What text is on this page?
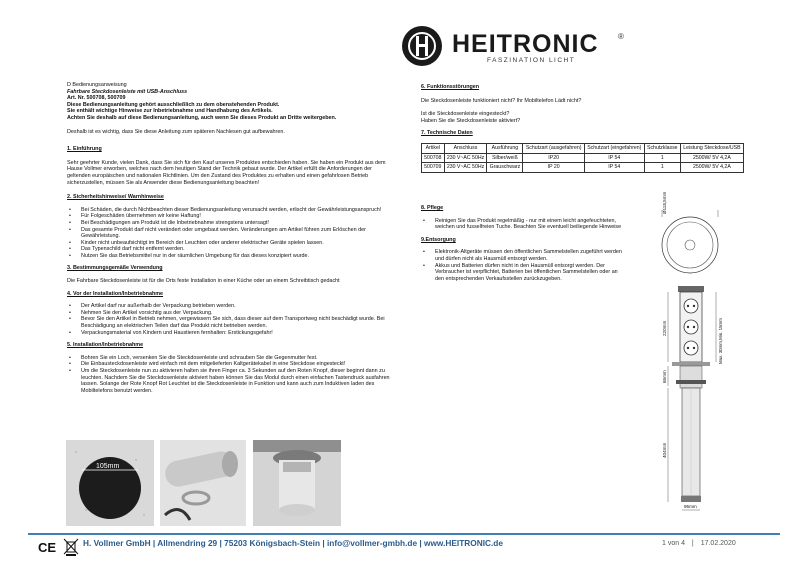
HEITRONIC ®
FASZINATION LICHT
D Bedienungsanweisung
Fahrbare Steckdosenleiste mit USB-Anschluss
Art. Nr. 500708, 500709
Diese Bedienungsanleitung gehört ausschließlich zu dem obenstehenden Produkt.
Sie enthält wichtige Hinweise zur Inbetriebnahme und Handhabung des Artikels.
Achten Sie deshalb auf diese Bedienungsanleitung, auch wenn Sie dieses Produkt an Dritte weitergeben.
Deshalb ist es wichtig, dass Sie diese Anleitung zum späteren Nachlesen gut aufbewahren.
1. Einführung
Sehr geehrter Kunde, vielen Dank, dass Sie sich für den Kauf unseres Produktes entschieden haben. Sie haben ein Produkt aus dem Hause Vollmer erworben, welches nach dem heutigen Stand der Technik gebaut wurde. Der Artikel erfüllt die Anforderungen der geltenden europäischen und nationalen Richtlinien. Um den Zustand des Produktes zu erhalten und einen gefahrlosen Betrieb sicherzustellen, müssen Sie als Anwender diese Bedienungsanleitung beachten!
2. Sicherheitshinweise/ Warnhinweise
• Bei Schäden, die durch Nichtbeachten dieser Bedienungsanleitung verursacht werden, erlischt der Gewährleistungsanspruch!
• Für Folgeschäden übernehmen wir keine Haftung!
• Bei Beschädigungen am Produkt ist die Inbetriebnahme strengstens untersagt!
• Das gesamte Produkt darf nicht verändert oder umgebaut werden. Veränderungen am Artikel führen zum Erlöschen der Gewährleistung.
• Kinder nicht unbeaufsichtigt im Bereich der Leuchten oder anderer elektrischer Geräte spielen lassen.
• Das Typenschild darf nicht entfernt werden.
• Nutzen Sie das Betriebsmittel nur in der räumlichen Umgebung für das dieses konzipiert wurde.
3. Bestimmungsgemäße Verwendung
Die Fahrbare Steckdosenleiste ist für die Orts feste Installation in einer Küche oder an einem Schreibtisch gedacht
4. Vor der Installation/Inbetriebnahme
• Der Artikel darf nur außerhalb der Verpackung betrieben werden.
• Nehmen Sie den Artikel vorsichtig aus der Verpackung.
• Bevor Sie den Artikel in Betrieb nehmen, vergewissern Sie sich, dass dieser auf dem Transportweg nicht beschädigt wurde. Bei Beschädigung an elektrischen Teilen darf das Produkt nicht betrieben werden.
• Verpackungsmaterial von Kindern und Haustieren fernhalten: Erstickungsgefahr!
5. Installation/Inbetriebnahme
• Bohren Sie ein Loch, versenken Sie die Steckdosenleiste und schrauben Sie die Gegenmutter fest.
• Die Einbausteckdosenleiste wird einfach mit dem mitgelieferten Kaltgerätekabel in eine Steckdose eingesteckt!
• Um die Steckdosenleiste nun zu aktivieren halten sie ihren Finger ca. 3 Sekunden auf den Roten Knopf, dieser beginnt dann zu leuchten. Nachdem Sie die Steckdosenleiste aktiviert haben können Sie das Modul durch einen einfachen Tastendruck ausfahren lassen. Solange der Rote Knopf Rot Leuchtet ist die Steckdosenleiste in Funktion und kann auch zum Induktiven laden des Mobiltelefons benutzt werden.
105mm
6. Funktionsstörungen
Die Steckdosenleiste funktioniert nicht? Ihr Mobiltelefon Lädt nicht?
Ist die Steckdosenleiste eingesteckt?
Haben Sie die Steckdosenleiste aktiviert?
7. Technische Daten
Artikel	Anschluss	Ausführung	Schutzart (ausgefahren)	Schutzart (eingefahren)	Schutzklasse	Leistung Steckdose/USB
500708	230 V~AC 50Hz	Silber/weiß	IP20	IP 54	1	2500W/ 5V 4,2A
500709	230 V~AC 50Hz	Grauschwarz	IP 20	IP 54	1	2500W/ 5V 4,2A
8. Pflege
• Reinigen Sie das Produkt regelmäßig - nur mit einem leicht angefeuchteten, weichen und fusselfreien Tuche. Beachten Sie eventuell beiliegende Hinweise
9.Entsorgung
• Elektronik-Altgeräte müssen den öffentlichen Sammelstellen zugeführt werden und dürfen nicht als Hausmüll entsorgt werden.
• Akkus und Batterien dürfen nicht in den Hausmüll entsorgt werden. Der Verbraucher ist verpflichtet, Batterien bei öffentlichen Sammelstellen oder an den entsprechenden Verkaufsstellen zurückzugeben.
Ø118,5mm
220mm	Max. 30mm,Min. 15mm
65mm
404mm
95mm
CE	H. Vollmer GmbH | Allmendring 29 | 75203 Königsbach-Stein | info@vollmer-gmbh.de | www.HEITRONIC.de	1 von 4 | 17.02.2020
